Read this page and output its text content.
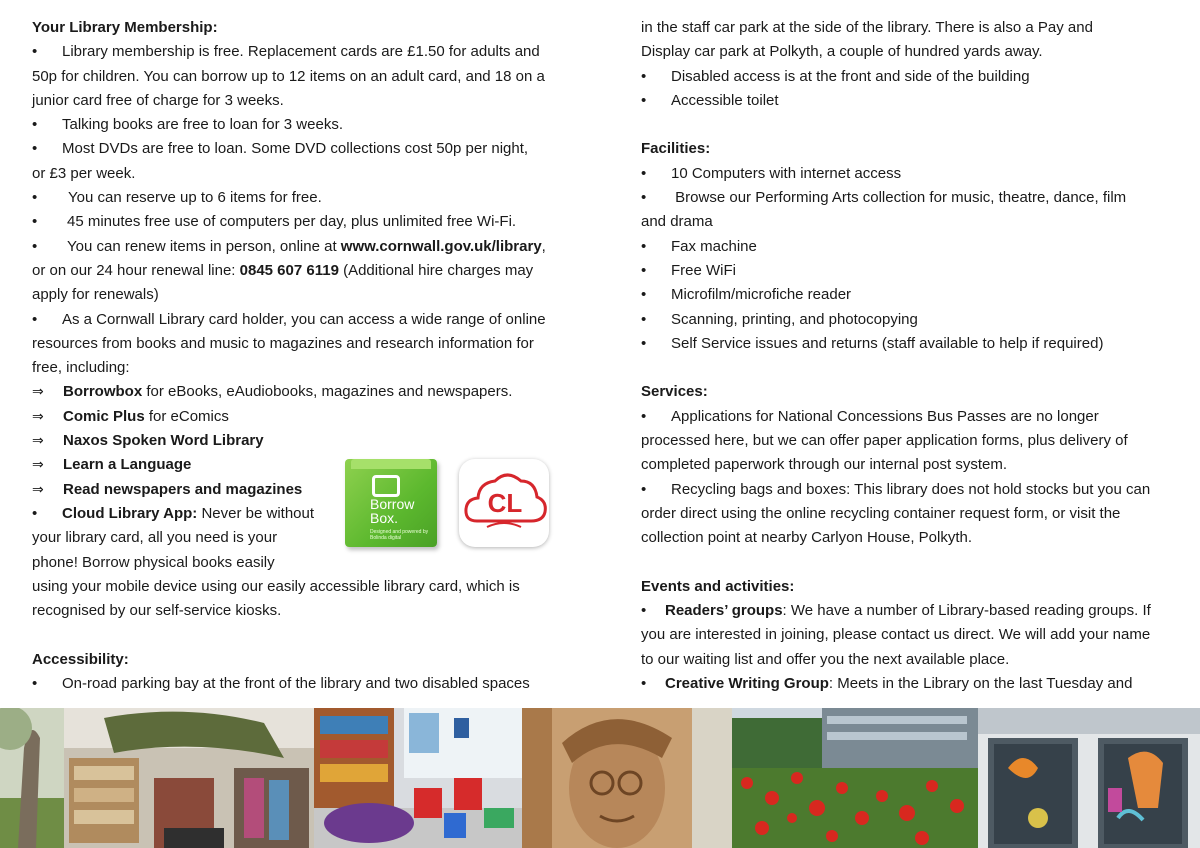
Your Library Membership:

• Library membership is free. Replacement cards are £1.50 for adults and

50p for children. You can borrow up to 12 items on an adult card, and 18 on a

junior card free of charge for 3 weeks.

• Talking books are free to loan for 3 weeks.

• Most DVDs are free to loan. Some DVD collections cost 50p per night,

or £3 per week.

• You can reserve up to 6 items for free.

• 45 minutes free use of computers per day, plus unlimited free Wi-Fi.

• You can renew items in person, online at www.cornwall.gov.uk/library,

or on our 24 hour renewal line: 0845 607 6119 (Additional hire charges may

apply for renewals)

• As a Cornwall Library card holder, you can access a wide range of online

resources from books and music to magazines and research information for

free, including:

⇒ Borrowbox for eBooks, eAudiobooks, magazines and newspapers.

⇒ Comic Plus for eComics

⇒ Naxos Spoken Word Library

⇒ Learn a Language

⇒ Read newspapers and magazines

• Cloud Library App: Never be without

your library card, all you need is your

phone! Borrow physical books easily

using your mobile device using our easily accessible library card, which is

recognised by our self-service kiosks.

Accessibility:

• On-road parking bay at the front of the library and two disabled spaces

Borrow
Box.
Designed and powered by Bolinda digital
CL

in the staff car park at the side of the library. There is also a Pay and

Display car park at Polkyth, a couple of hundred yards away.

• Disabled access is at the front and side of the building

• Accessible toilet

Facilities:

• 10 Computers with internet access

• Browse our Performing Arts collection for music, theatre, dance, film

and drama

• Fax machine

• Free WiFi

• Microfilm/microfiche reader

• Scanning, printing, and photocopying

• Self Service issues and returns (staff available to help if required)

Services:

• Applications for National Concessions Bus Passes are no longer

processed here, but we can offer paper application forms, plus delivery of

completed paperwork through our internal post system.

• Recycling bags and boxes: This library does not hold stocks but you can

order direct using the online recycling container request form, or visit the

collection point at nearby Carlyon House, Polkyth.

Events and activities:

• Readers’ groups: We have a number of Library-based reading groups. If

you are interested in joining, please contact us direct. We will add your name

to our waiting list and offer you the next available place.

• Creative Writing Group: Meets in the Library on the last Tuesday and
